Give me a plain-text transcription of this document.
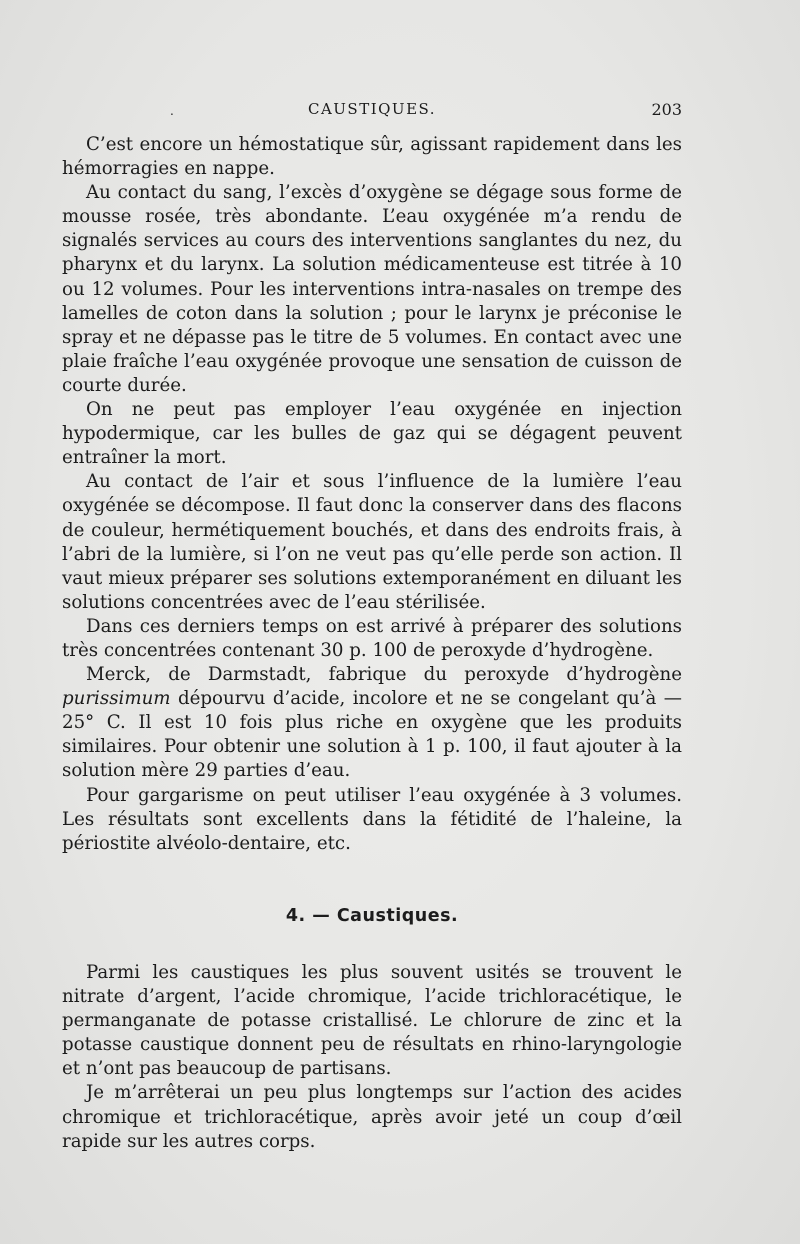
.	CAUSTIQUES.	203

C’est encore un hémostatique sûr, agissant rapidement dans les hémorragies en nappe.

Au contact du sang, l’excès d’oxygène se dégage sous forme de mousse rosée, très abondante. L’eau oxygénée m’a rendu de signalés services au cours des interventions sanglantes du nez, du pharynx et du larynx. La solution médicamenteuse est titrée à 10 ou 12 volumes. Pour les interventions intra-nasales on trempe des lamelles de coton dans la solution ; pour le larynx je préconise le spray et ne dépasse pas le titre de 5 volumes. En contact avec une plaie fraîche l’eau oxygénée provoque une sensation de cuisson de courte durée.

On ne peut pas employer l’eau oxygénée en injection hypodermique, car les bulles de gaz qui se dégagent peuvent entraîner la mort.

Au contact de l’air et sous l’influence de la lumière l’eau oxygénée se décompose. Il faut donc la conserver dans des flacons de couleur, hermétiquement bouchés, et dans des endroits frais, à l’abri de la lumière, si l’on ne veut pas qu’elle perde son action. Il vaut mieux préparer ses solutions extemporanément en diluant les solutions concentrées avec de l’eau stérilisée.

Dans ces derniers temps on est arrivé à préparer des solutions très concentrées contenant 30 p. 100 de peroxyde d’hydrogène.

Merck, de Darmstadt, fabrique du peroxyde d’hydrogène purissimum dépourvu d’acide, incolore et ne se congelant qu’à — 25° C. Il est 10 fois plus riche en oxygène que les produits similaires. Pour obtenir une solution à 1 p. 100, il faut ajouter à la solution mère 29 parties d’eau.

Pour gargarisme on peut utiliser l’eau oxygénée à 3 volumes. Les résultats sont excellents dans la fétidité de l’haleine, la périostite alvéolo-dentaire, etc.

4. — Caustiques.

Parmi les caustiques les plus souvent usités se trouvent le nitrate d’argent, l’acide chromique, l’acide trichloracétique, le permanganate de potasse cristallisé. Le chlorure de zinc et la potasse caustique donnent peu de résultats en rhino-laryngologie et n’ont pas beaucoup de partisans.

Je m’arrêterai un peu plus longtemps sur l’action des acides chromique et trichloracétique, après avoir jeté un coup d’œil rapide sur les autres corps.
